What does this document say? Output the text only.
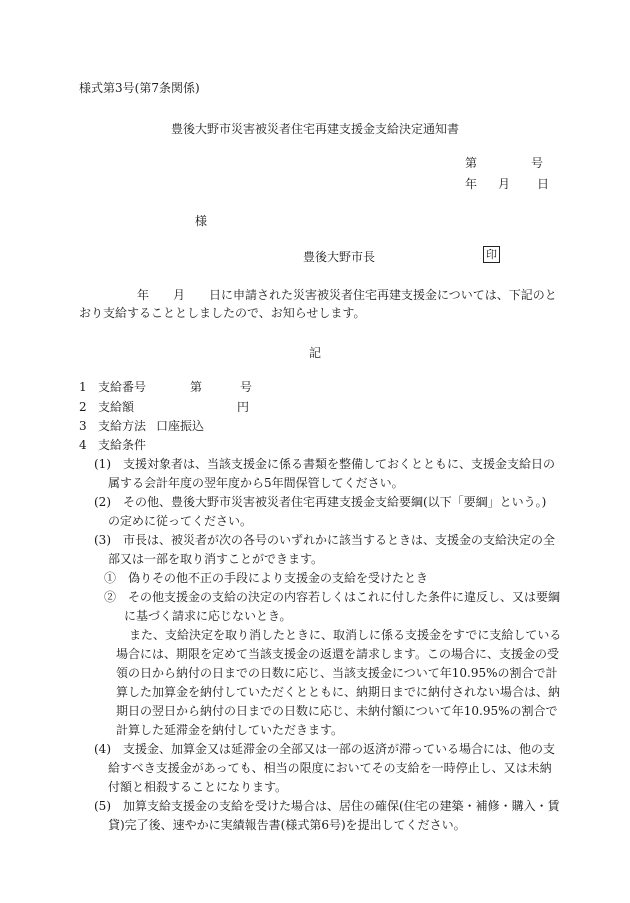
様式第3号(第7条関係)
豊後大野市災害被災者住宅再建支援金支給決定通知書
第	号
年 月 日
様
豊後大野市長	印
年 月 日に申請された災害被災者住宅再建支援金については、下記のと
おり支給することとしましたので、お知らせします。
記
1 支給番号	第	号
2 支給額	円
3 支給方法 口座振込
4 支給条件
(1)　支援対象者は、当該支援金に係る書類を整備しておくとともに、支援金支給日の
属する会計年度の翌年度から5年間保管してください。
(2)　その他、豊後大野市災害被災者住宅再建支援金支給要綱(以下「要綱」という。)
の定めに従ってください。
(3)　市長は、被災者が次の各号のいずれかに該当するときは、支援金の支給決定の全
部又は一部を取り消すことができます。
①　偽りその他不正の手段により支援金の支給を受けたとき
②　その他支援金の支給の決定の内容若しくはこれに付した条件に違反し、又は要綱
に基づく請求に応じないとき。
また、支給決定を取り消したときに、取消しに係る支援金をすでに支給している
場合には、期限を定めて当該支援金の返還を請求します。この場合に、支援金の受
領の日から納付の日までの日数に応じ、当該支援金について年10.95%の割合で計
算した加算金を納付していただくとともに、納期日までに納付されない場合は、納
期日の翌日から納付の日までの日数に応じ、未納付額について年10.95%の割合で
計算した延滞金を納付していただきます。
(4)　支援金、加算金又は延滞金の全部又は一部の返済が滞っている場合には、他の支
給すべき支援金があっても、相当の限度においてその支給を一時停止し、又は未納
付額と相殺することになります。
(5)　加算支給支援金の支給を受けた場合は、居住の確保(住宅の建築・補修・購入・賃
貸)完了後、速やかに実績報告書(様式第6号)を提出してください。
